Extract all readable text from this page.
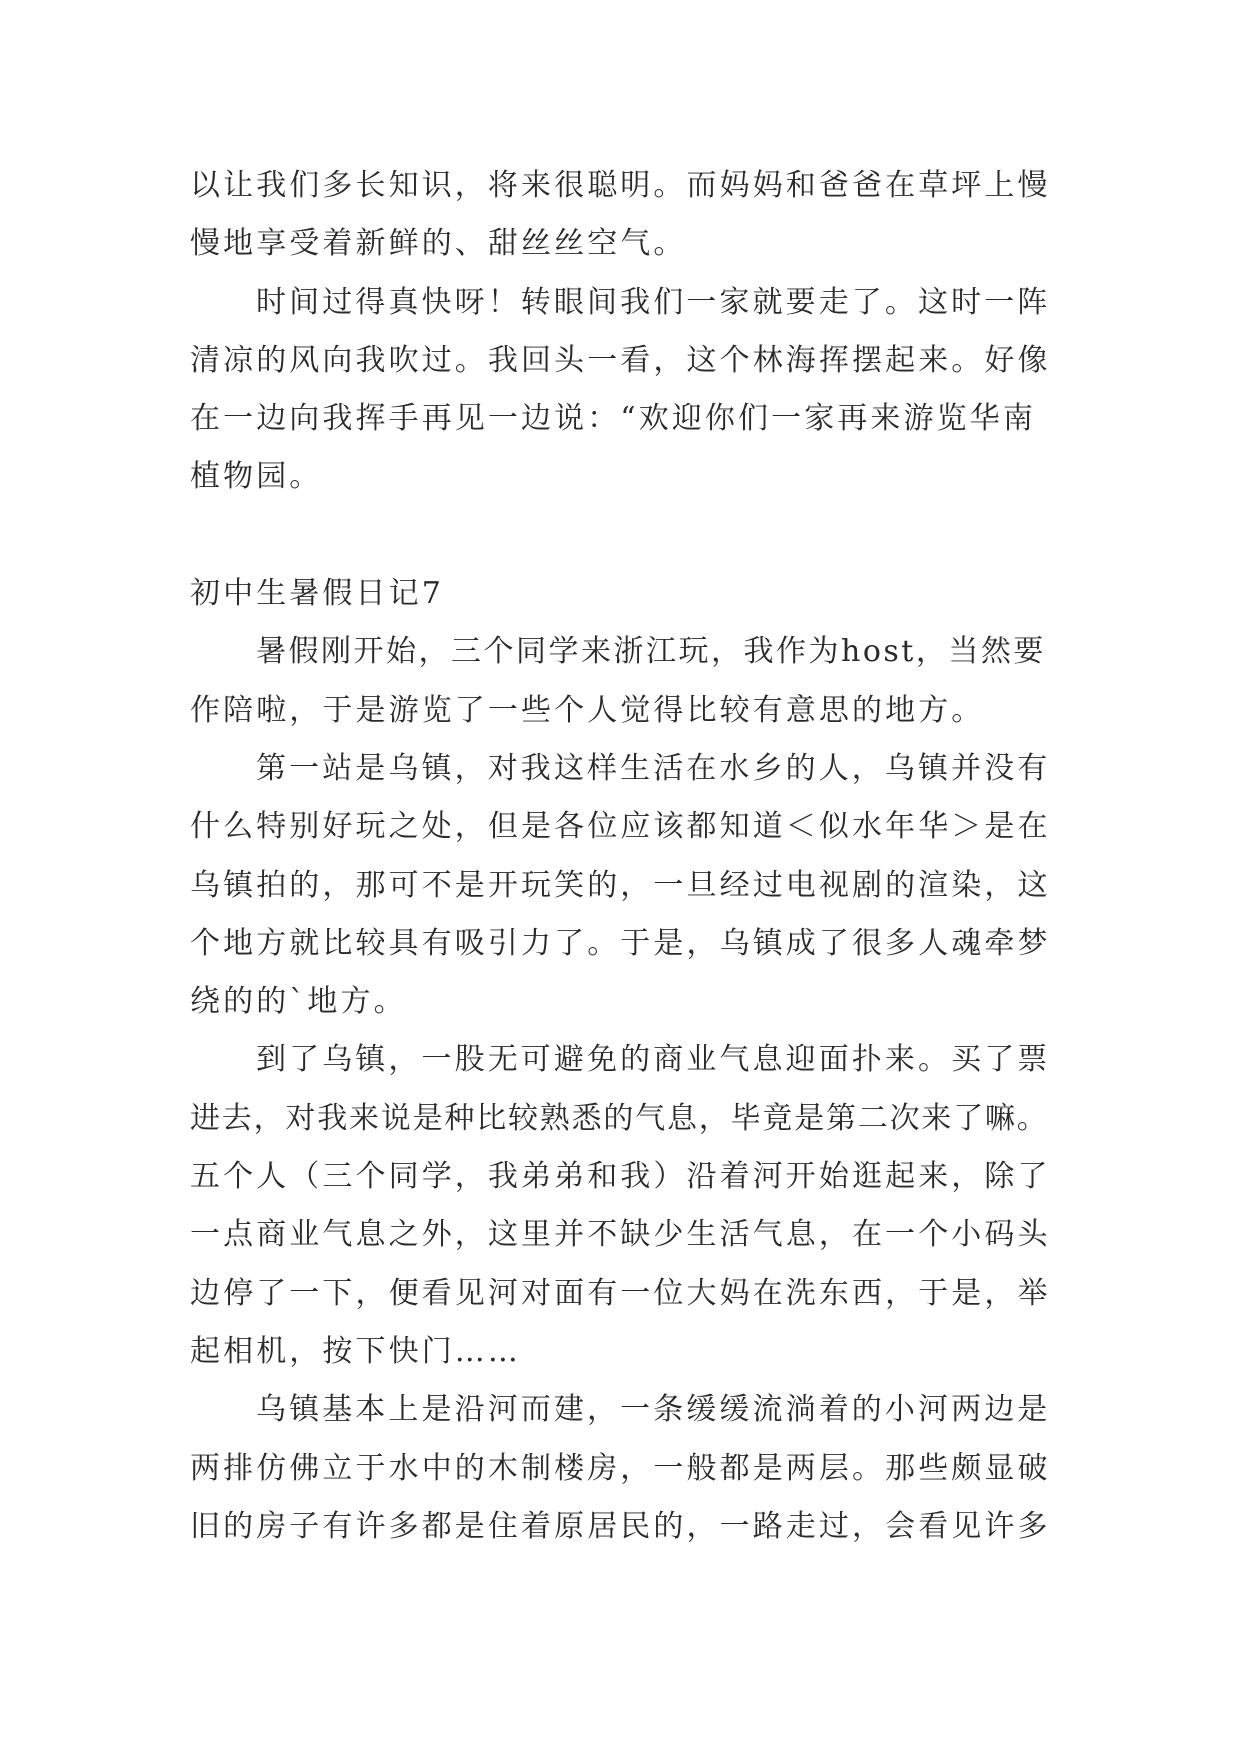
以让我们多长知识，将来很聪明。而妈妈和爸爸在草坪上慢
慢地享受着新鲜的、甜丝丝空气。
时间过得真快呀！转眼间我们一家就要走了。这时一阵
清凉的风向我吹过。我回头一看，这个林海挥摆起来。好像
在一边向我挥手再见一边说：“欢迎你们一家再来游览华南
植物园。
初中生暑假日记7
暑假刚开始，三个同学来浙江玩，我作为host，当然要
作陪啦，于是游览了一些个人觉得比较有意思的地方。
第一站是乌镇，对我这样生活在水乡的人，乌镇并没有
什么特别好玩之处，但是各位应该都知道＜似水年华＞是在
乌镇拍的，那可不是开玩笑的，一旦经过电视剧的渲染，这
个地方就比较具有吸引力了。于是，乌镇成了很多人魂牵梦
绕的的`地方。
到了乌镇，一股无可避免的商业气息迎面扑来。买了票
进去，对我来说是种比较熟悉的气息，毕竟是第二次来了嘛。
五个人（三个同学，我弟弟和我）沿着河开始逛起来，除了
一点商业气息之外，这里并不缺少生活气息，在一个小码头
边停了一下，便看见河对面有一位大妈在洗东西，于是，举
起相机，按下快门……
乌镇基本上是沿河而建，一条缓缓流淌着的小河两边是
两排仿佛立于水中的木制楼房，一般都是两层。那些颇显破
旧的房子有许多都是住着原居民的，一路走过，会看见许多
